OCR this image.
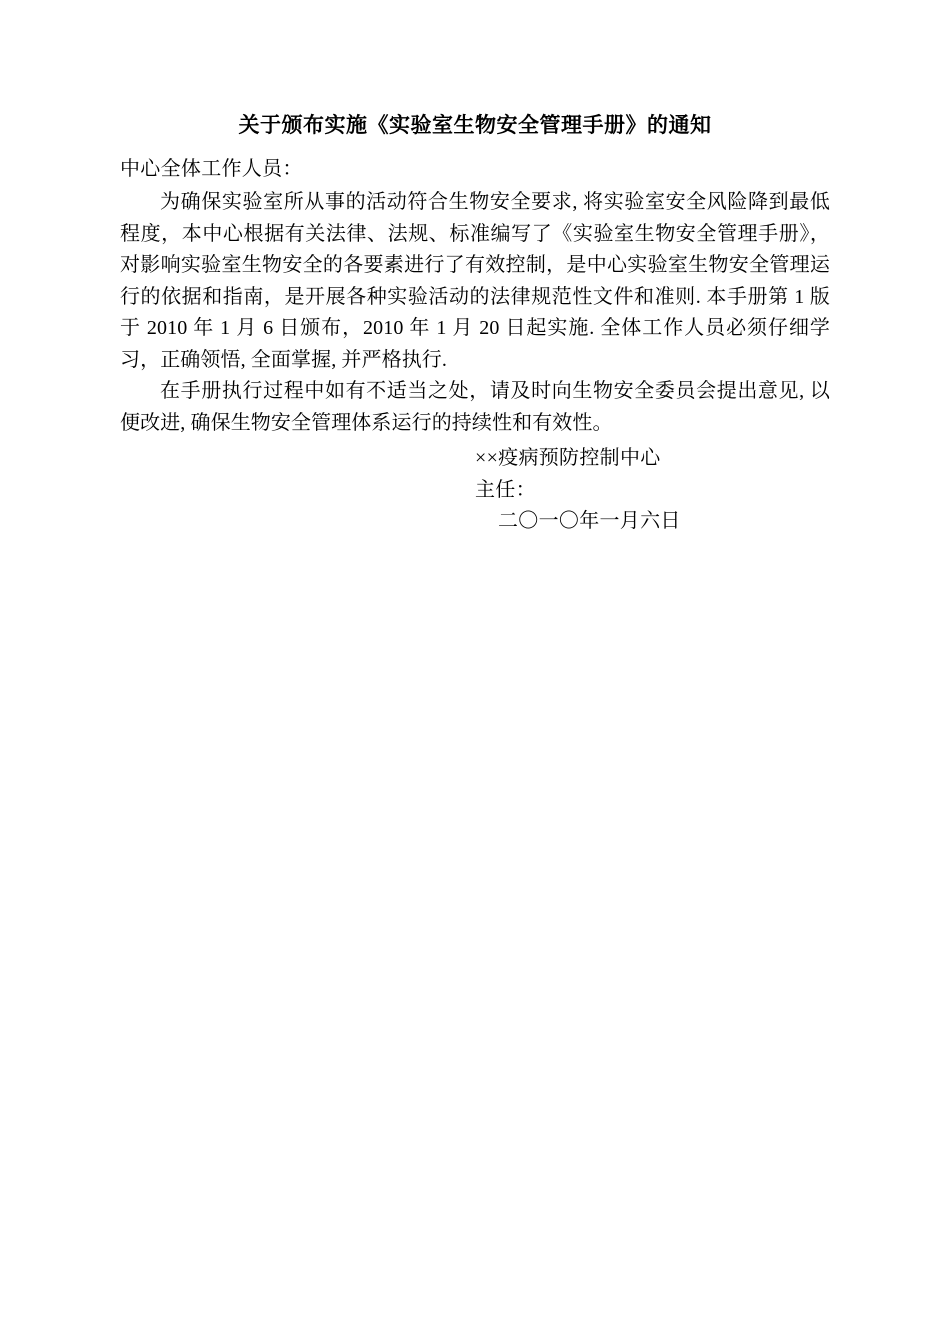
关于颁布实施《实验室生物安全管理手册》的通知

中心全体工作人员：

为确保实验室所从事的活动符合生物安全要求, 将实验室安全风险降到最低程度，本中心根据有关法律、法规、标准编写了《实验室生物安全管理手册》，对影响实验室生物安全的各要素进行了有效控制，是中心实验室生物安全管理运行的依据和指南，是开展各种实验活动的法律规范性文件和准则. 本手册第 1 版于 2010 年 1 月 6 日颁布，2010 年 1 月 20 日起实施. 全体工作人员必须仔细学习，正确领悟, 全面掌握, 并严格执行.

在手册执行过程中如有不适当之处，请及时向生物安全委员会提出意见, 以便改进, 确保生物安全管理体系运行的持续性和有效性。

××疫病预防控制中心
主任：
二〇一〇年一月六日
